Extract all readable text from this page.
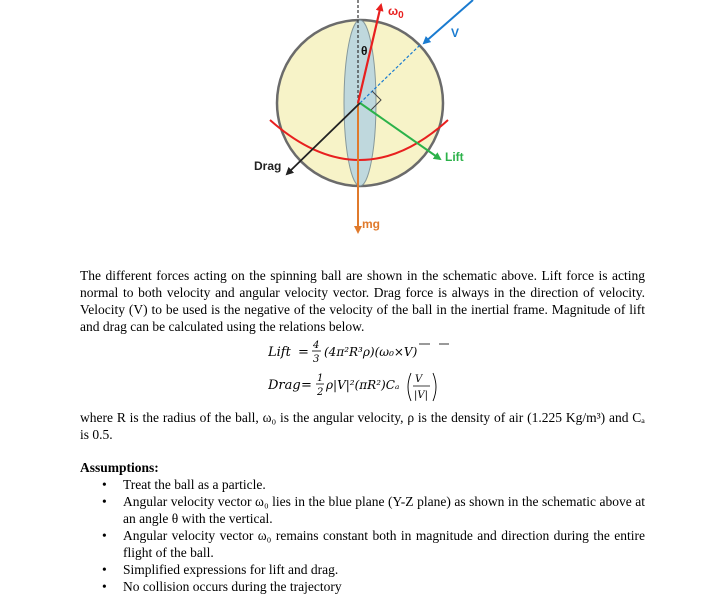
$\omega_0$
V
θ
Drag
Lift
mg

The different forces acting on the spinning ball are shown in the schematic above. Lift force is acting normal to both velocity and angular velocity vector. Drag force is always in the direction of velocity. Velocity (V) to be used is the negative of the velocity of the ball in the inertial frame. Magnitude of lift and drag can be calculated using the relations below.

Lift = 4
3
(4π²R³ρ)(ω₀×V)
Drag = 1
2
ρ|V|²(πR²)Cₐ V
|V|

where R is the radius of the ball, ω₀ is the angular velocity, ρ is the density of air (1.225 Kg/m³) and Cₐ is 0.5.

Assumptions:

• Treat the ball as a particle.
• Angular velocity vector ω₀ lies in the blue plane (Y-Z plane) as shown in the schematic above at an angle θ with the vertical.
• Angular velocity vector ω₀ remains constant both in magnitude and direction during the entire flight of the ball.
• Simplified expressions for lift and drag.
• No collision occurs during the trajectory
